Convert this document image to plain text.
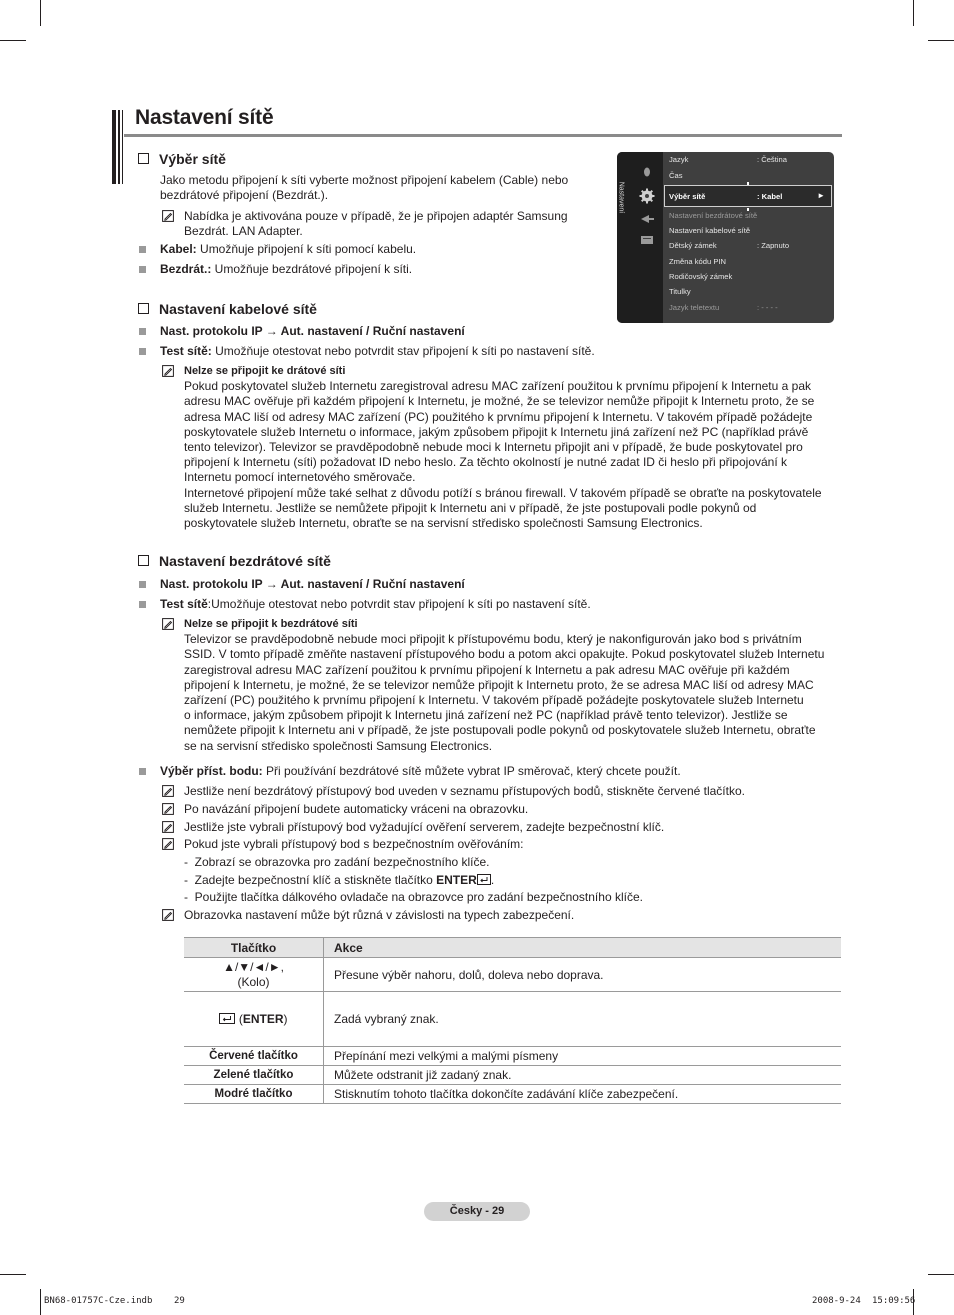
Nastavení sítě
Výběr sítě
Jako metodu připojení k síti vyberte možnost připojení kabelem (Cable) nebo
bezdrátové připojení (Bezdrát.).
Nabídka je aktivována pouze v případě, že je připojen adaptér Samsung
Bezdrát. LAN Adapter.
Kabel: Umožňuje připojení k síti pomocí kabelu.
Bezdrát.: Umožňuje bezdrátové připojení k síti.
Nastavení
Jazyk	: Čeština
Čas
Výběr sítě	: Kabel	►
Nastavení bezdrátové sítě
Nastavení kabelové sítě
Dětský zámek	: Zapnuto
Změna kódu PIN
Rodičovský zámek
Titulky
Jazyk teletextu	: - - - -
Nastavení kabelové sítě
Nast. protokolu IP → Aut. nastavení / Ruční nastavení
Test sítě: Umožňuje otestovat nebo potvrdit stav připojení k síti po nastavení sítě.
Nelze se připojit ke drátové síti
Pokud poskytovatel služeb Internetu zaregistroval adresu MAC zařízení použitou k prvnímu připojení k Internetu a pak
adresu MAC ověřuje při každém připojení k Internetu, je možné, že se televizor nemůže připojit k Internetu proto, že se
adresa MAC liší od adresy MAC zařízení (PC) použitého k prvnímu připojení k Internetu. V takovém případě požádejte
poskytovatele služeb Internetu o informace, jakým způsobem připojit k Internetu jiná zařízení než PC (například právě
tento televizor). Televizor se pravděpodobně nebude moci k Internetu připojit ani v případě, že bude poskytovatel pro
připojení k Internetu (síti) požadovat ID nebo heslo. Za těchto okolností je nutné zadat ID či heslo při připojování k
Internetu pomocí internetového směrovače.
Internetové připojení může také selhat z důvodu potíží s bránou firewall. V takovém případě se obraťte na poskytovatele
služeb Internetu. Jestliže se nemůžete připojit k Internetu ani v případě, že jste postupovali podle pokynů od
poskytovatele služeb Internetu, obraťte se na servisní středisko společnosti Samsung Electronics.
Nastavení bezdrátové sítě
Nast. protokolu IP → Aut. nastavení / Ruční nastavení
Test sítě:Umožňuje otestovat nebo potvrdit stav připojení k síti po nastavení sítě.
Nelze se připojit k bezdrátové síti
Televizor se pravděpodobně nebude moci připojit k přístupovému bodu, který je nakonfigurován jako bod s privátním
SSID. V tomto případě změňte nastavení přístupového bodu a potom akci opakujte. Pokud poskytovatel služeb Internetu
zaregistroval adresu MAC zařízení použitou k prvnímu připojení k Internetu a pak adresu MAC ověřuje při každém
připojení k Internetu, je možné, že se televizor nemůže připojit k Internetu proto, že se adresa MAC liší od adresy MAC
zařízení (PC) použitého k prvnímu připojení k Internetu. V takovém případě požádejte poskytovatele služeb Internetu
o informace, jakým způsobem připojit k Internetu jiná zařízení než PC (například právě tento televizor). Jestliže se
nemůžete připojit k Internetu ani v případě, že jste postupovali podle pokynů od poskytovatele služeb Internetu, obraťte
se na servisní středisko společnosti Samsung Electronics.
Výběr příst. bodu: Při používání bezdrátové sítě můžete vybrat IP směrovač, který chcete použít.
Jestliže není bezdrátový přístupový bod uveden v seznamu přístupových bodů, stiskněte červené tlačítko.
Po navázání připojení budete automaticky vráceni na obrazovku.
Jestliže jste vybrali přístupový bod vyžadující ověření serverem, zadejte bezpečnostní klíč.
Pokud jste vybrali přístupový bod s bezpečnostním ověřováním:
-  Zobrazí se obrazovka pro zadání bezpečnostního klíče.
-  Zadejte bezpečnostní klíč a stiskněte tlačítko ENTER .
-  Použijte tlačítka dálkového ovladače na obrazovce pro zadání bezpečnostního klíče.
Obrazovka nastavení může být různá v závislosti na typech zabezpečení.
Tlačítko	Akce

▲/▼/◄/►,
(Kolo)	Přesune výběr nahoru, dolů, doleva nebo doprava.
(ENTER)	Zadá vybraný znak.
Červené tlačítko	Přepínání mezi velkými a malými písmeny
Zelené tlačítko	Můžete odstranit již zadaný znak.
Modré tlačítko	Stisknutím tohoto tlačítka dokončíte zadávání klíče zabezpečení.
Česky - 29
BN68-01757C-Cze.indb 29	2008-9-24 15:09:56
